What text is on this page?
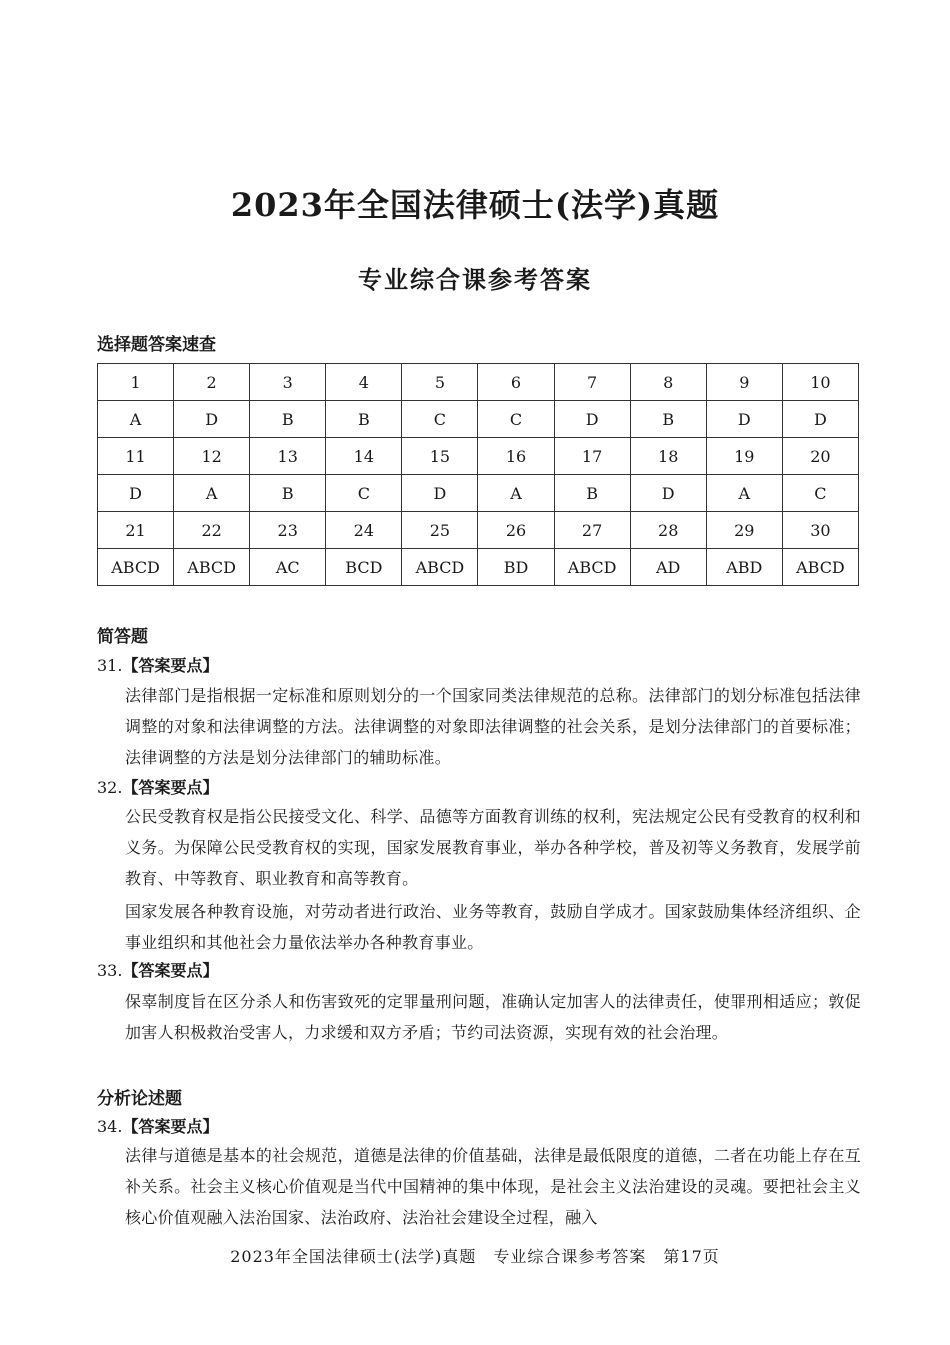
2023年全国法律硕士(法学)真题
专业综合课参考答案
选择题答案速查
1	2	3	4	5	6	7	8	9	10
A	D	B	B	C	C	D	B	D	D
11	12	13	14	15	16	17	18	19	20
D	A	B	C	D	A	B	D	A	C
21	22	23	24	25	26	27	28	29	30
ABCD	ABCD	AC	BCD	ABCD	BD	ABCD	AD	ABD	ABCD
简答题
31.【答案要点】
法律部门是指根据一定标准和原则划分的一个国家同类法律规范的总称。法律部门的划分标准包括法律调整的对象和法律调整的方法。法律调整的对象即法律调整的社会关系，是划分法律部门的首要标准；法律调整的方法是划分法律部门的辅助标准。
32.【答案要点】
公民受教育权是指公民接受文化、科学、品德等方面教育训练的权利，宪法规定公民有受教育的权利和义务。为保障公民受教育权的实现，国家发展教育事业，举办各种学校，普及初等义务教育，发展学前教育、中等教育、职业教育和高等教育。
国家发展各种教育设施，对劳动者进行政治、业务等教育，鼓励自学成才。国家鼓励集体经济组织、企事业组织和其他社会力量依法举办各种教育事业。
33.【答案要点】
保辜制度旨在区分杀人和伤害致死的定罪量刑问题，准确认定加害人的法律责任，使罪刑相适应；敦促加害人积极救治受害人，力求缓和双方矛盾；节约司法资源，实现有效的社会治理。
分析论述题
34.【答案要点】
法律与道德是基本的社会规范，道德是法律的价值基础，法律是最低限度的道德，二者在功能上存在互补关系。社会主义核心价值观是当代中国精神的集中体现，是社会主义法治建设的灵魂。要把社会主义核心价值观融入法治国家、法治政府、法治社会建设全过程，融入
2023年全国法律硕士(法学)真题　专业综合课参考答案　第17页
